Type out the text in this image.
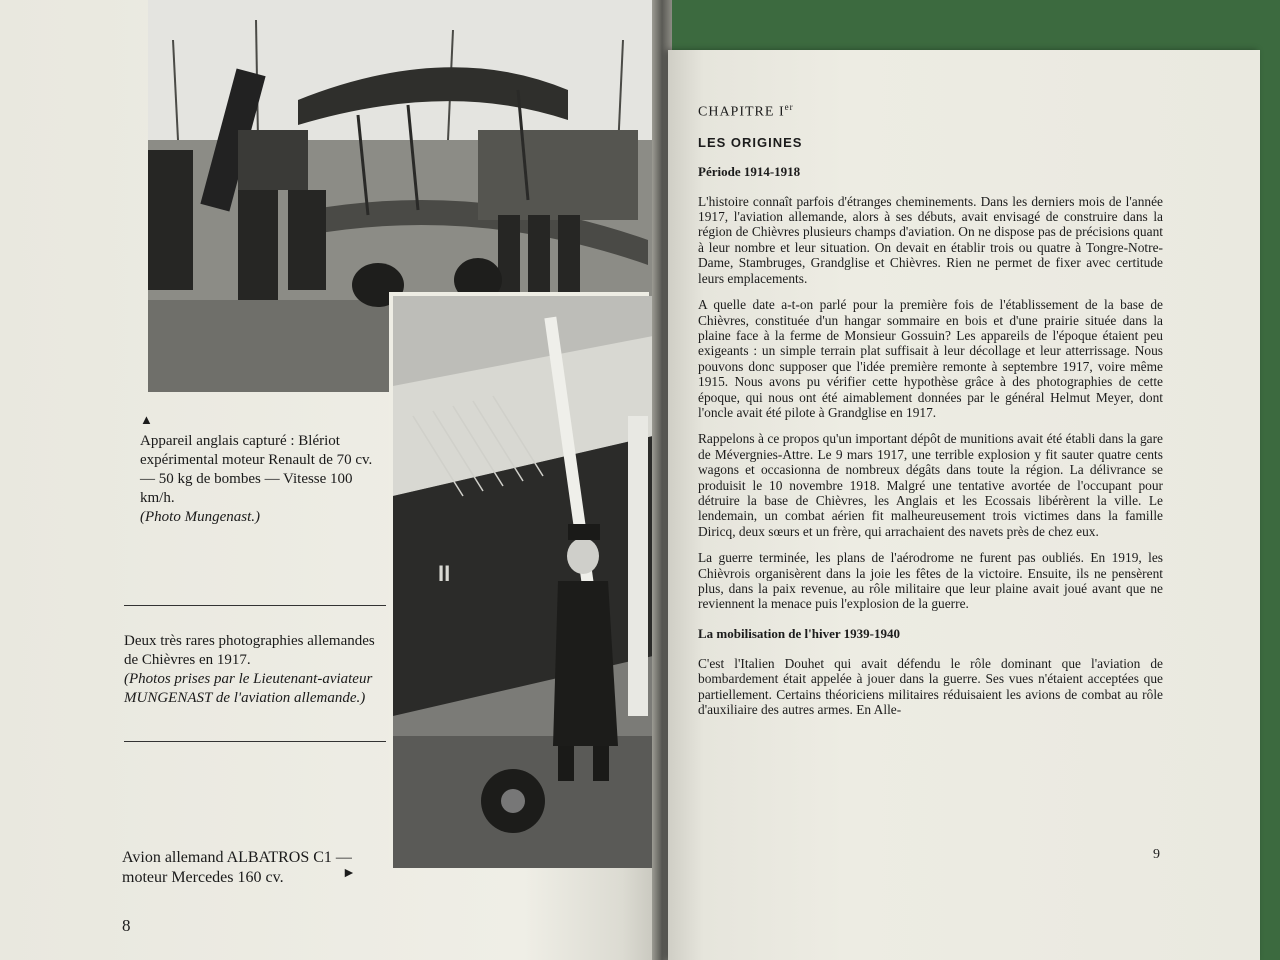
II
▲
Appareil anglais capturé : Blériot expérimental moteur Renault de 70 cv. — 50 kg de bombes — Vitesse 100 km/h.
(Photo Mungenast.)
Deux très rares photographies allemandes de Chièvres en 1917.
(Photos prises par le Lieutenant-aviateur MUNGENAST de l'aviation allemande.)
Avion allemand ALBATROS C1 — moteur Mercedes 160 cv.	►
8
CHAPITRE Ier
LES ORIGINES
Période 1914-1918

L'histoire connaît parfois d'étranges cheminements. Dans les derniers mois de l'année 1917, l'aviation allemande, alors à ses débuts, avait envisagé de construire dans la région de Chièvres plusieurs champs d'aviation. On ne dispose pas de précisions quant à leur nombre et leur situation. On devait en établir trois ou quatre à Tongre-Notre-Dame, Stambruges, Grandglise et Chièvres. Rien ne permet de fixer avec certitude leurs emplacements.

A quelle date a-t-on parlé pour la première fois de l'établissement de la base de Chièvres, constituée d'un hangar sommaire en bois et d'une prairie située dans la plaine face à la ferme de Monsieur Gossuin? Les appareils de l'époque étaient peu exigeants : un simple terrain plat suffisait à leur décollage et leur atterrissage. Nous pouvons donc supposer que l'idée première remonte à septembre 1917, voire même 1915. Nous avons pu vérifier cette hypothèse grâce à des photographies de cette époque, qui nous ont été aimablement données par le général Helmut Meyer, dont l'oncle avait été pilote à Grandglise en 1917.

Rappelons à ce propos qu'un important dépôt de munitions avait été établi dans la gare de Mévergnies-Attre. Le 9 mars 1917, une terrible explosion y fit sauter quatre cents wagons et occasionna de nombreux dégâts dans toute la région. La délivrance se produisit le 10 novembre 1918. Malgré une tentative avortée de l'occupant pour détruire la base de Chièvres, les Anglais et les Ecossais libérèrent la ville. Le lendemain, un combat aérien fit malheureusement trois victimes dans la famille Diricq, deux sœurs et un frère, qui arrachaient des navets près de chez eux.

La guerre terminée, les plans de l'aérodrome ne furent pas oubliés. En 1919, les Chièvrois organisèrent dans la joie les fêtes de la victoire. Ensuite, ils ne pensèrent plus, dans la paix revenue, au rôle militaire que leur plaine avait joué avant que ne reviennent la menace puis l'explosion de la guerre.

La mobilisation de l'hiver 1939-1940

C'est l'Italien Douhet qui avait défendu le rôle dominant que l'aviation de bombardement était appelée à jouer dans la guerre. Ses vues n'étaient acceptées que partiellement. Certains théoriciens militaires réduisaient les avions de combat au rôle d'auxiliaire des autres armes. En Alle-

9
